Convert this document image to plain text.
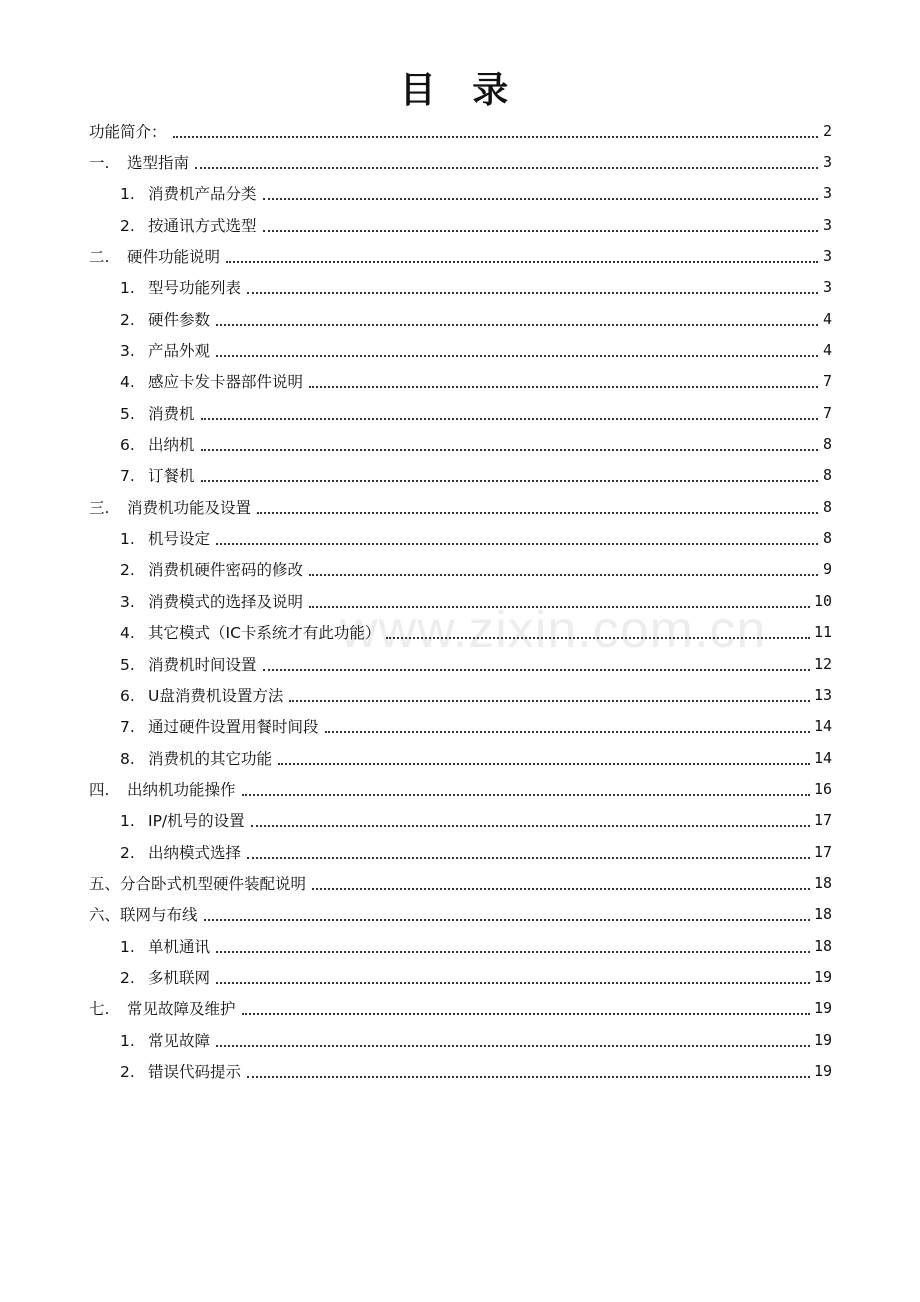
目 录
功能简介：	2
一. 选型指南	3
1. 消费机产品分类	3
2. 按通讯方式选型	3
二. 硬件功能说明	3
1. 型号功能列表	3
2. 硬件参数	4
3. 产品外观	4
4. 感应卡发卡器部件说明	7
5. 消费机	7
6. 出纳机	8
7. 订餐机	8
三. 消费机功能及设置	8
1. 机号设定	8
2. 消费机硬件密码的修改	9
3. 消费模式的选择及说明	10
4. 其它模式（IC卡系统才有此功能）	11
5. 消费机时间设置	12
6. U盘消费机设置方法	13
7. 通过硬件设置用餐时间段	14
8. 消费机的其它功能	14
四. 出纳机功能操作	16
1. IP/机号的设置	17
2. 出纳模式选择	17
五、分合卧式机型硬件装配说明	18
六、联网与布线	18
1. 单机通讯	18
2. 多机联网	19
七. 常见故障及维护	19
1. 常见故障	19
2. 错误代码提示	19
www.zixin.com.cn
